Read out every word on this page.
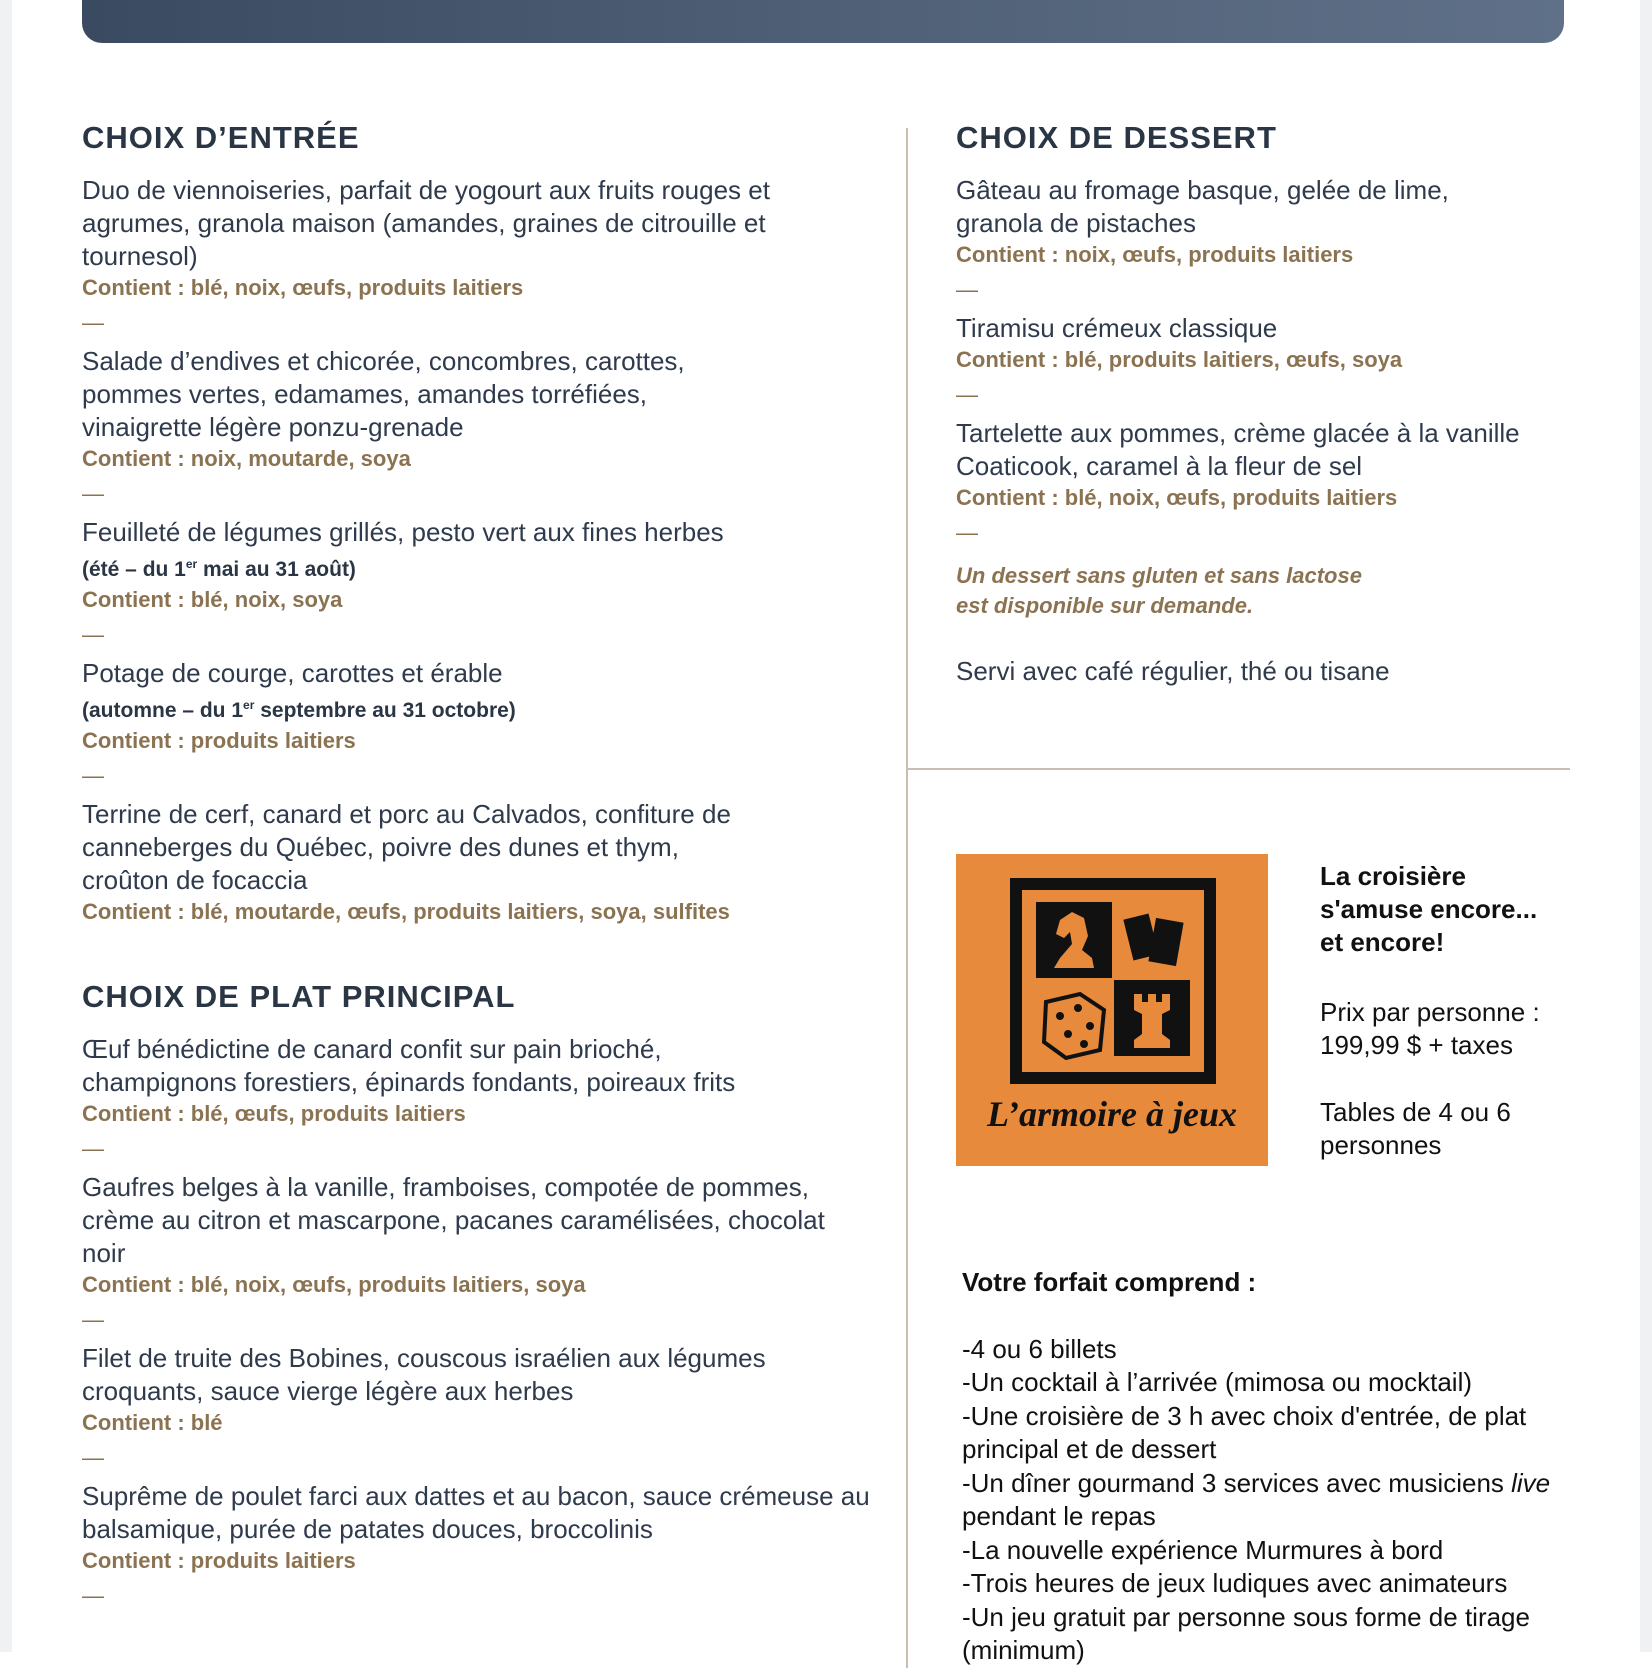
CHOIX D’ENTRÉE
Duo de viennoiseries, parfait de yogourt aux fruits rouges et agrumes, granola maison (amandes, graines de citrouille et tournesol)
Contient : blé, noix, œufs, produits laitiers
—
Salade d’endives et chicorée, concombres, carottes, pommes vertes, edamames, amandes torréfiées, vinaigrette légère ponzu-grenade
Contient : noix, moutarde, soya
—
Feuilleté de légumes grillés, pesto vert aux fines herbes
(été – du 1er mai au 31 août)
Contient : blé, noix, soya
—
Potage de courge, carottes et érable
(automne – du 1er septembre au 31 octobre)
Contient : produits laitiers
—
Terrine de cerf, canard et porc au Calvados, confiture de canneberges du Québec, poivre des dunes et thym, croûton de focaccia
Contient : blé, moutarde, œufs, produits laitiers, soya, sulfites
CHOIX DE PLAT PRINCIPAL
Œuf bénédictine de canard confit sur pain brioché, champignons forestiers, épinards fondants, poireaux frits
Contient : blé, œufs, produits laitiers
—
Gaufres belges à la vanille, framboises, compotée de pommes, crème au citron et mascarpone, pacanes caramélisées, chocolat noir
Contient : blé, noix, œufs, produits laitiers, soya
—
Filet de truite des Bobines, couscous israélien aux légumes croquants, sauce vierge légère aux herbes
Contient : blé
—
Suprême de poulet farci aux dattes et au bacon, sauce crémeuse au balsamique, purée de patates douces, broccolinis
Contient : produits laitiers
—
CHOIX DE DESSERT
Gâteau au fromage basque, gelée de lime, granola de pistaches
Contient : noix, œufs, produits laitiers
—
Tiramisu crémeux classique
Contient : blé, produits laitiers, œufs, soya
—
Tartelette aux pommes, crème glacée à la vanille Coaticook, caramel à la fleur de sel
Contient : blé, noix, œufs, produits laitiers
—
Un dessert sans gluten et sans lactose
est disponible sur demande.
Servi avec café régulier, thé ou tisane
L’armoire à jeux
La croisière
s'amuse encore...
et encore!
Prix par personne :
199,99 $ + taxes
Tables de 4 ou 6
personnes
Votre forfait comprend :
-4 ou 6 billets
-Un cocktail à l’arrivée (mimosa ou mocktail)
-Une croisière de 3 h avec choix d'entrée, de plat principal et de dessert
-Un dîner gourmand 3 services avec musiciens live pendant le repas
-La nouvelle expérience Murmures à bord
-Trois heures de jeux ludiques avec animateurs
-Un jeu gratuit par personne sous forme de tirage (minimum)
